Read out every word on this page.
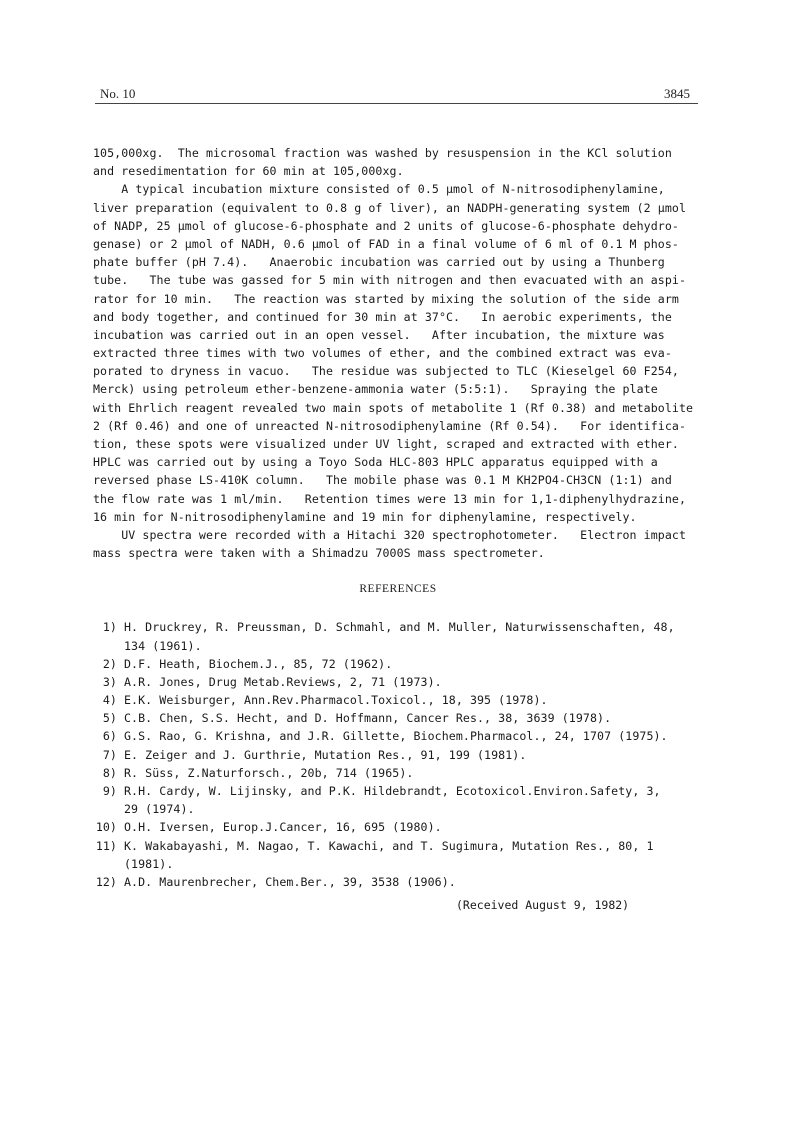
No. 10	3845
105,000xg.  The microsomal fraction was washed by resuspension in the KCl solution
and resedimentation for 60 min at 105,000xg.
A typical incubation mixture consisted of 0.5 μmol of N-nitrosodiphenylamine,
liver preparation (equivalent to 0.8 g of liver), an NADPH-generating system (2 μmol
of NADP, 25 μmol of glucose-6-phosphate and 2 units of glucose-6-phosphate dehydro-
genase) or 2 μmol of NADH, 0.6 μmol of FAD in a final volume of 6 ml of 0.1 M phos-
phate buffer (pH 7.4).   Anaerobic incubation was carried out by using a Thunberg
tube.   The tube was gassed for 5 min with nitrogen and then evacuated with an aspi-
rator for 10 min.   The reaction was started by mixing the solution of the side arm
and body together, and continued for 30 min at 37°C.   In aerobic experiments, the
incubation was carried out in an open vessel.   After incubation, the mixture was
extracted three times with two volumes of ether, and the combined extract was eva-
porated to dryness in vacuo.   The residue was subjected to TLC (Kieselgel 60 F254,
Merck) using petroleum ether-benzene-ammonia water (5:5:1).   Spraying the plate
with Ehrlich reagent revealed two main spots of metabolite 1 (Rf 0.38) and metabolite
2 (Rf 0.46) and one of unreacted N-nitrosodiphenylamine (Rf 0.54).   For identifica-
tion, these spots were visualized under UV light, scraped and extracted with ether.
HPLC was carried out by using a Toyo Soda HLC-803 HPLC apparatus equipped with a
reversed phase LS-410K column.   The mobile phase was 0.1 M KH2PO4-CH3CN (1:1) and
the flow rate was 1 ml/min.   Retention times were 13 min for 1,1-diphenylhydrazine,
16 min for N-nitrosodiphenylamine and 19 min for diphenylamine, respectively.
UV spectra were recorded with a Hitachi 320 spectrophotometer.   Electron impact
mass spectra were taken with a Shimadzu 7000S mass spectrometer.
REFERENCES
1) H. Druckrey, R. Preussman, D. Schmahl, and M. Muller, Naturwissenschaften, 48,
134 (1961).
2) D.F. Heath, Biochem.J., 85, 72 (1962).
3) A.R. Jones, Drug Metab.Reviews, 2, 71 (1973).
4) E.K. Weisburger, Ann.Rev.Pharmacol.Toxicol., 18, 395 (1978).
5) C.B. Chen, S.S. Hecht, and D. Hoffmann, Cancer Res., 38, 3639 (1978).
6) G.S. Rao, G. Krishna, and J.R. Gillette, Biochem.Pharmacol., 24, 1707 (1975).
7) E. Zeiger and J. Gurthrie, Mutation Res., 91, 199 (1981).
8) R. Süss, Z.Naturforsch., 20b, 714 (1965).
9) R.H. Cardy, W. Lijinsky, and P.K. Hildebrandt, Ecotoxicol.Environ.Safety, 3,
29 (1974).
10) O.H. Iversen, Europ.J.Cancer, 16, 695 (1980).
11) K. Wakabayashi, M. Nagao, T. Kawachi, and T. Sugimura, Mutation Res., 80, 1
(1981).
12) A.D. Maurenbrecher, Chem.Ber., 39, 3538 (1906).
(Received August 9, 1982)
